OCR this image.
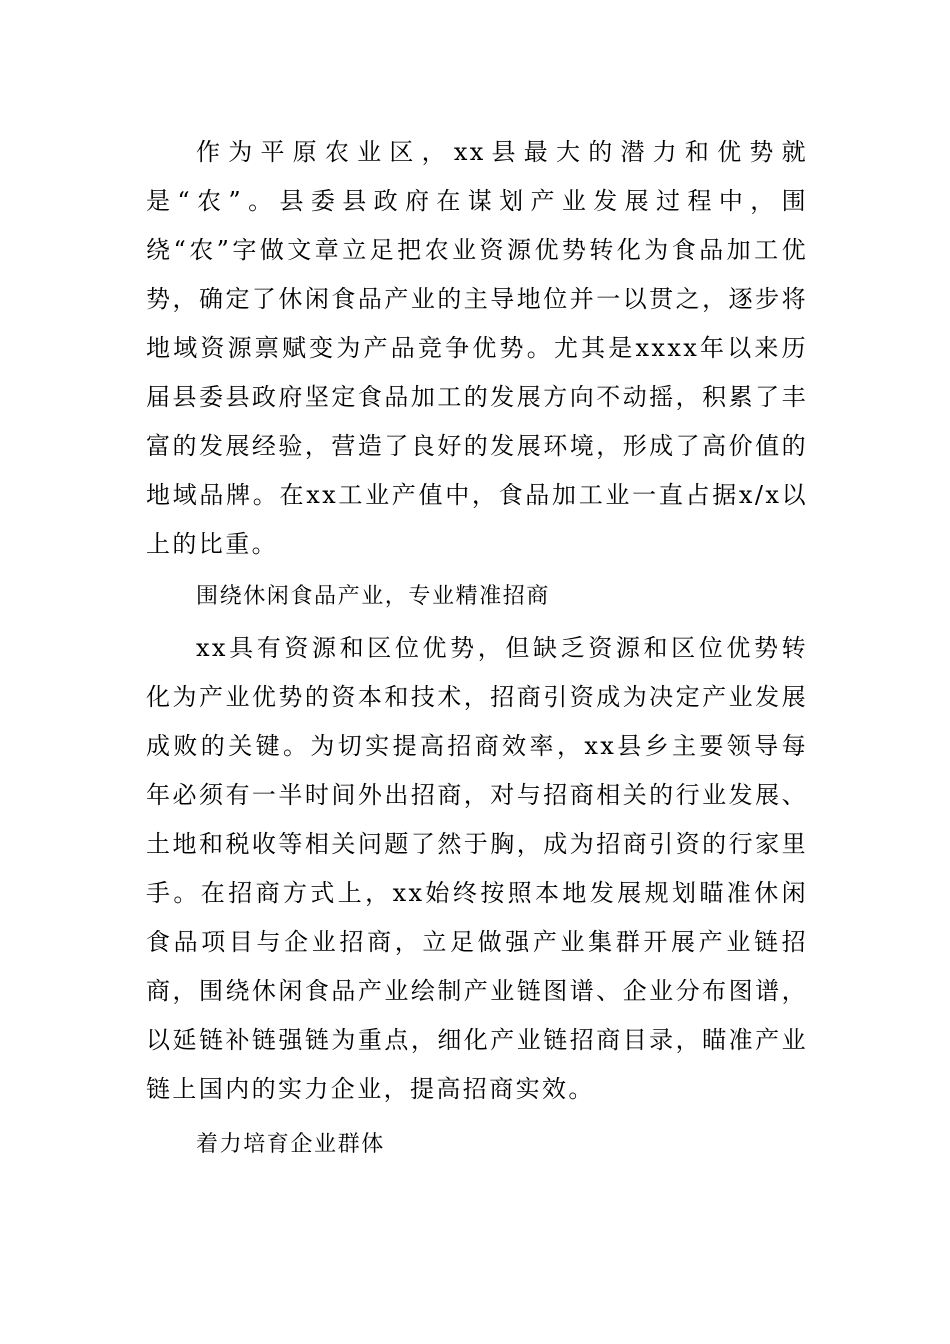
作为平原农业区，xx县最大的潜力和优势就是“农”。县委县政府在谋划产业发展过程中，围绕“农”字做文章立足把农业资源优势转化为食品加工优势，确定了休闲食品产业的主导地位并一以贯之，逐步将地域资源禀赋变为产品竞争优势。尤其是xxxx年以来历届县委县政府坚定食品加工的发展方向不动摇，积累了丰富的发展经验，营造了良好的发展环境，形成了高价值的地域品牌。在xx工业产值中，食品加工业一直占据x/x以上的比重。

围绕休闲食品产业，专业精准招商

xx具有资源和区位优势，但缺乏资源和区位优势转化为产业优势的资本和技术，招商引资成为决定产业发展成败的关键。为切实提高招商效率，xx县乡主要领导每年必须有一半时间外出招商，对与招商相关的行业发展、土地和税收等相关问题了然于胸，成为招商引资的行家里手。在招商方式上，xx始终按照本地发展规划瞄准休闲食品项目与企业招商，立足做强产业集群开展产业链招商，围绕休闲食品产业绘制产业链图谱、企业分布图谱，以延链补链强链为重点，细化产业链招商目录，瞄准产业链上国内的实力企业，提高招商实效。

着力培育企业群体
